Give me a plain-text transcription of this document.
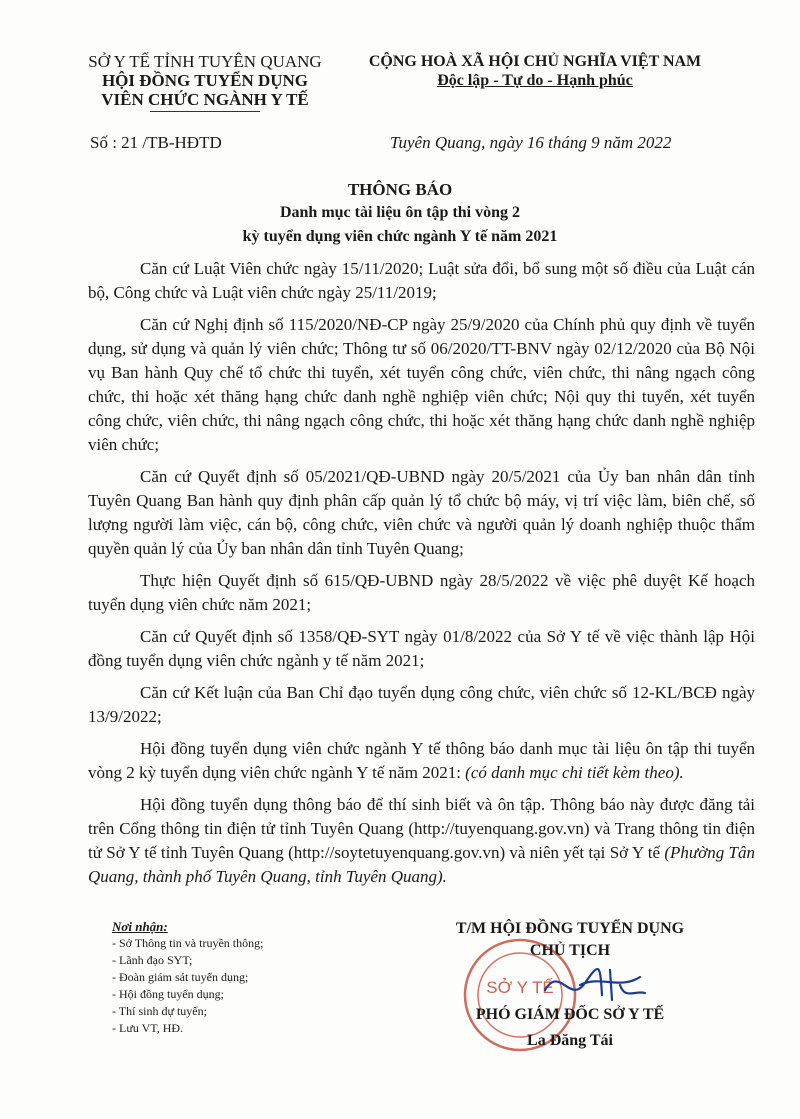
SỞ Y TẾ TỈNH TUYÊN QUANG
HỘI ĐỒNG TUYỂN DỤNG
VIÊN CHỨC NGÀNH Y TẾ
CỘNG HOÀ XÃ HỘI CHỦ NGHĨA VIỆT NAM
Độc lập - Tự do - Hạnh phúc
Số : 21 /TB-HĐTD	Tuyên Quang, ngày 16 tháng 9 năm 2022
THÔNG BÁO
Danh mục tài liệu ôn tập thi vòng 2
kỳ tuyển dụng viên chức ngành Y tế năm 2021

Căn cứ Luật Viên chức ngày 15/11/2020; Luật sửa đổi, bổ sung một số điều của Luật cán bộ, Công chức và Luật viên chức ngày 25/11/2019;

Căn cứ Nghị định số 115/2020/NĐ-CP ngày 25/9/2020 của Chính phủ quy định về tuyển dụng, sử dụng và quản lý viên chức; Thông tư số 06/2020/TT-BNV ngày 02/12/2020 của Bộ Nội vụ Ban hành Quy chế tổ chức thi tuyển, xét tuyển công chức, viên chức, thi nâng ngạch công chức, thi hoặc xét thăng hạng chức danh nghề nghiệp viên chức; Nội quy thi tuyển, xét tuyển công chức, viên chức, thi nâng ngạch công chức, thi hoặc xét thăng hạng chức danh nghề nghiệp viên chức;

Căn cứ Quyết định số 05/2021/QĐ-UBND ngày 20/5/2021 của Ủy ban nhân dân tỉnh Tuyên Quang Ban hành quy định phân cấp quản lý tổ chức bộ máy, vị trí việc làm, biên chế, số lượng người làm việc, cán bộ, công chức, viên chức và người quản lý doanh nghiệp thuộc thẩm quyền quản lý của Ủy ban nhân dân tỉnh Tuyên Quang;

Thực hiện Quyết định số 615/QĐ-UBND ngày 28/5/2022 về việc phê duyệt Kế hoạch tuyển dụng viên chức năm 2021;

Căn cứ Quyết định số 1358/QĐ-SYT ngày 01/8/2022 của Sở Y tế về việc thành lập Hội đồng tuyển dụng viên chức ngành y tế năm 2021;

Căn cứ Kết luận của Ban Chỉ đạo tuyển dụng công chức, viên chức số 12-KL/BCĐ ngày 13/9/2022;

Hội đồng tuyển dụng viên chức ngành Y tế thông báo danh mục tài liệu ôn tập thi tuyển vòng 2 kỳ tuyển dụng viên chức ngành Y tế năm 2021: (có danh mục chi tiết kèm theo).

Hội đồng tuyển dụng thông báo để thí sinh biết và ôn tập. Thông báo này được đăng tải trên Cổng thông tin điện tử tỉnh Tuyên Quang (http://tuyenquang.gov.vn) và Trang thông tin điện tử Sở Y tế tỉnh Tuyên Quang (http://soytetuyenquang.gov.vn) và niên yết tại Sở Y tế (Phường Tân Quang, thành phố Tuyên Quang, tỉnh Tuyên Quang).

Nơi nhận:
- Sở Thông tin và truyền thông;
- Lãnh đạo SYT;
- Đoàn giám sát tuyển dụng;
- Hội đồng tuyển dụng;
- Thí sinh dự tuyển;
- Lưu VT, HĐ.
SỞ Y TẾ
T/M HỘI ĐỒNG TUYỂN DỤNG
CHỦ TỊCH
PHÓ GIÁM ĐỐC SỞ Y TẾ
La Đăng Tái
